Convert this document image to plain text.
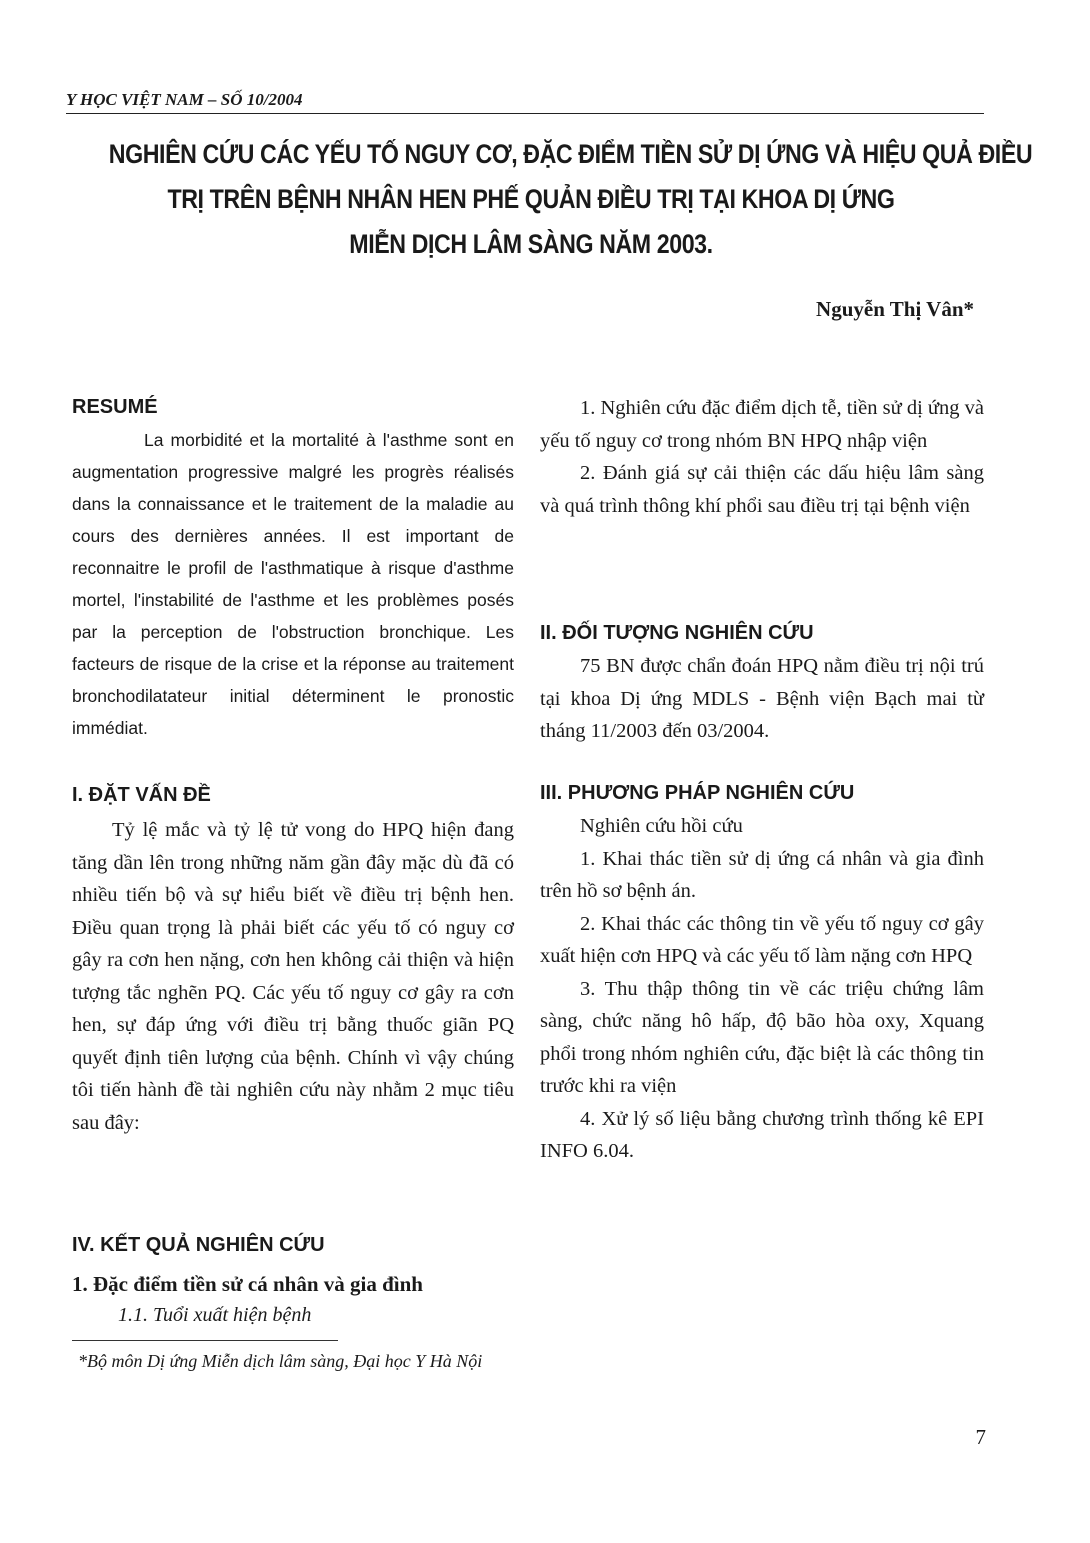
Y HỌC VIỆT NAM – SỐ 10/2004
NGHIÊN CỨU CÁC YẾU TỐ NGUY CƠ, ĐẶC ĐIỂM TIỀN SỬ DỊ ỨNG VÀ HIỆU QUẢ ĐIỀU
TRỊ TRÊN BỆNH NHÂN HEN PHẾ QUẢN ĐIỀU TRỊ TẠI KHOA DỊ ỨNG
MIỄN DỊCH LÂM SÀNG NĂM 2003.
Nguyễn Thị Vân*
RESUMÉ
La morbidité et la mortalité à l'asthme sont en augmentation progressive malgré les progrès réalisés dans la connaissance et le traitement de la maladie au cours des dernières années. Il est important de reconnaitre le profil de l'asthmatique à risque d'asthme mortel, l'instabilité de l'asthme et les problèmes posés par la perception de l'obstruction bronchique. Les facteurs de risque de la crise et la réponse au traitement bronchodilatateur initial déterminent le pronostic immédiat.
I. ĐẶT VẤN ĐỀ

Tỷ lệ mắc và tỷ lệ tử vong do HPQ hiện đang tăng dần lên trong những năm gần đây mặc dù đã có nhiều tiến bộ và sự hiểu biết về điều trị bệnh hen. Điều quan trọng là phải biết các yếu tố có nguy cơ gây ra cơn hen nặng, cơn hen không cải thiện và hiện tượng tắc nghẽn PQ. Các yếu tố nguy cơ gây ra cơn hen, sự đáp ứng với điều trị bằng thuốc giãn PQ quyết định tiên lượng của bệnh. Chính vì vậy chúng tôi tiến hành đề tài nghiên cứu này nhằm 2 mục tiêu sau đây:

1. Nghiên cứu đặc điểm dịch tễ, tiền sử dị ứng và yếu tố nguy cơ trong nhóm BN HPQ nhập viện

2. Đánh giá sự cải thiện các dấu hiệu lâm sàng và quá trình thông khí phổi sau điều trị tại bệnh viện

II. ĐỐI TƯỢNG NGHIÊN CỨU

75 BN được chẩn đoán HPQ nằm điều trị nội trú tại khoa Dị ứng MDLS - Bệnh viện Bạch mai từ tháng 11/2003 đến 03/2004.

III. PHƯƠNG PHÁP NGHIÊN CỨU

Nghiên cứu hồi cứu

1. Khai thác tiền sử dị ứng cá nhân và gia đình trên hồ sơ bệnh án.

2. Khai thác các thông tin về yếu tố nguy cơ gây xuất hiện cơn HPQ và các yếu tố làm nặng cơn HPQ

3. Thu thập thông tin về các triệu chứng lâm sàng, chức năng hô hấp, độ bão hòa oxy, Xquang phổi trong nhóm nghiên cứu, đặc biệt là các thông tin trước khi ra viện

4. Xử lý số liệu bằng chương trình thống kê EPI INFO 6.04.

IV. KẾT QUẢ NGHIÊN CỨU
1. Đặc điểm tiền sử cá nhân và gia đình
1.1. Tuổi xuất hiện bệnh
*Bộ môn Dị ứng Miễn dịch lâm sàng, Đại học Y Hà Nội
7
